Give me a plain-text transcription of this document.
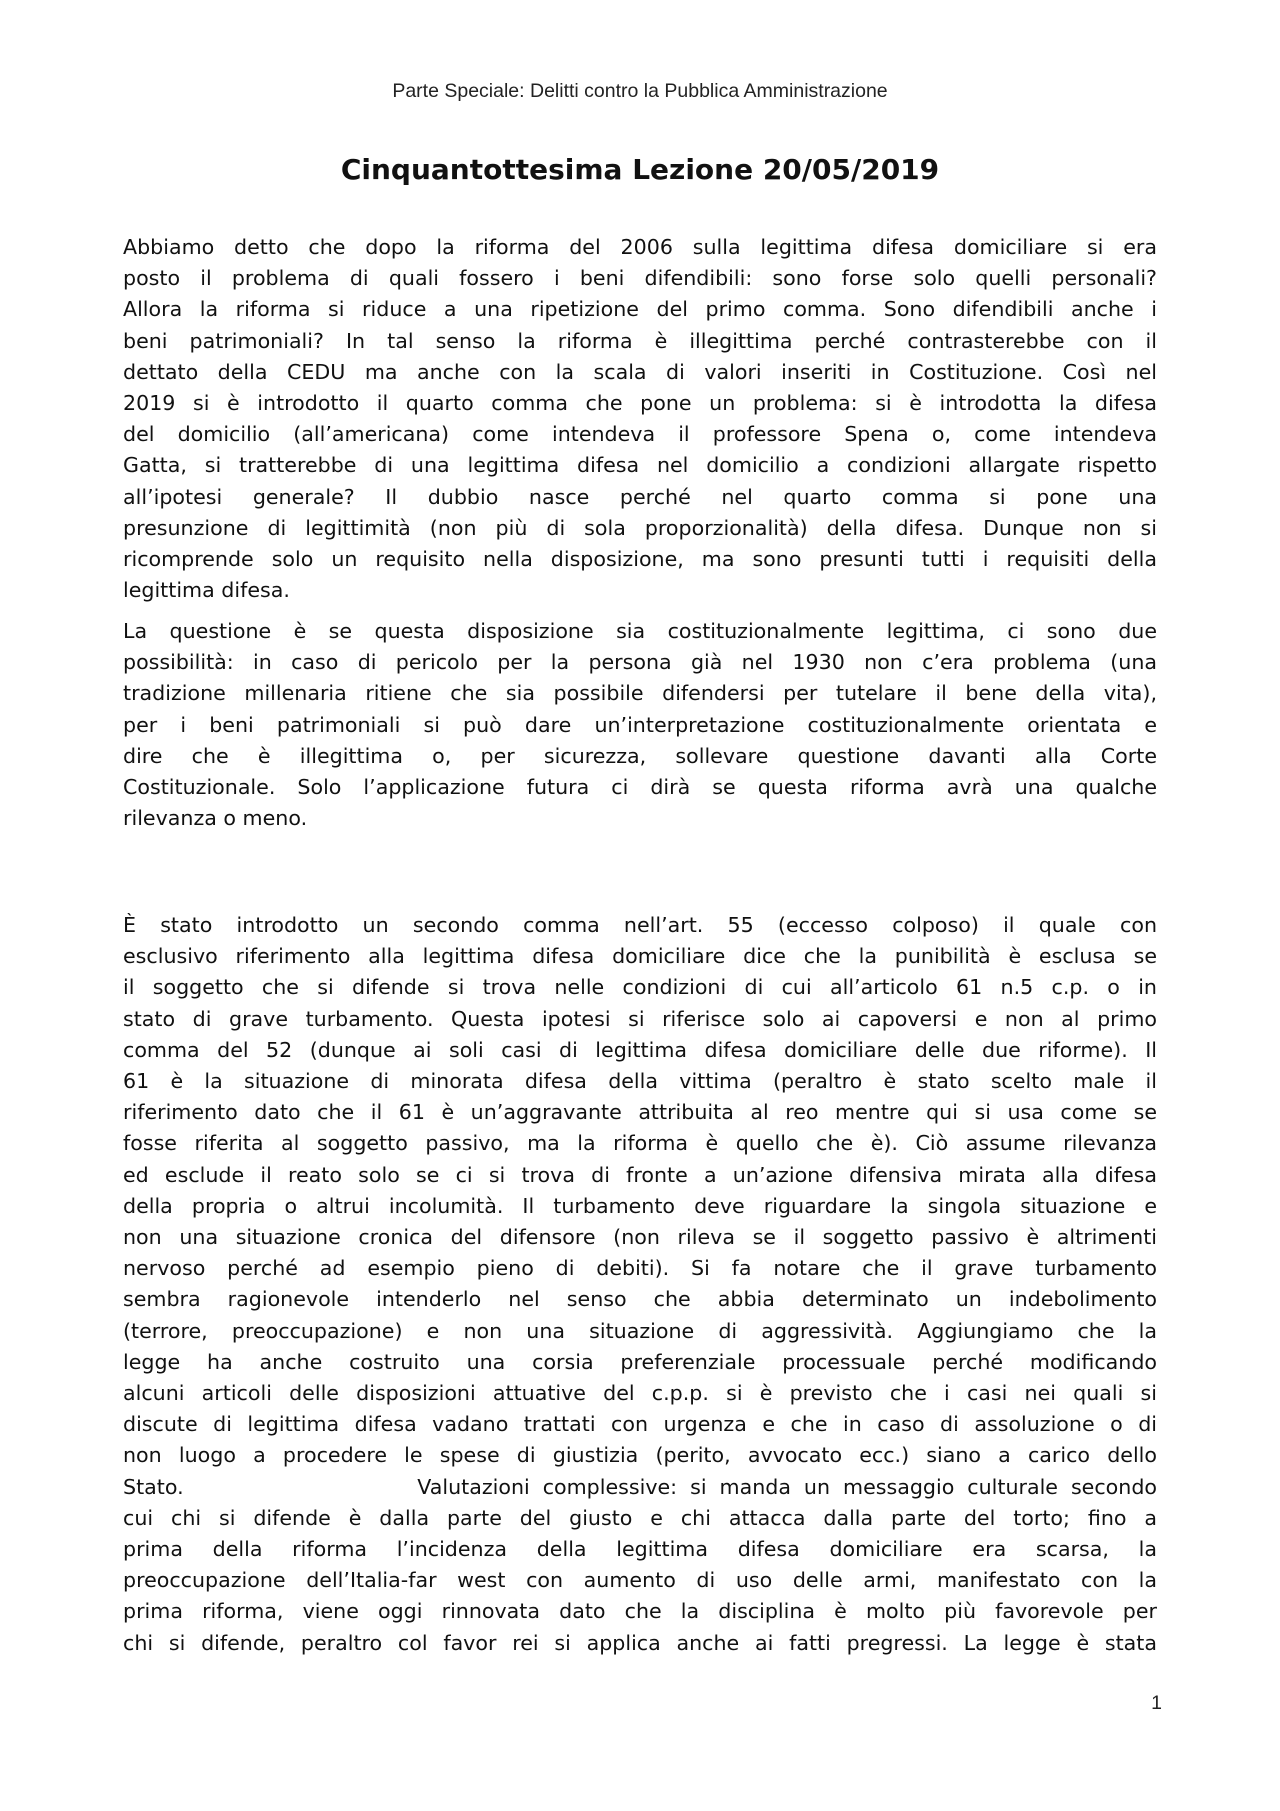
Parte Speciale: Delitti contro la Pubblica Amministrazione
Cinquantottesima Lezione 20/05/2019
Abbiamo detto che dopo la riforma del 2006 sulla legittima difesa domiciliare si era
posto il problema di quali fossero i beni difendibili: sono forse solo quelli personali?
Allora la riforma si riduce a una ripetizione del primo comma. Sono difendibili anche i
beni patrimoniali? In tal senso la riforma è illegittima perché contrasterebbe con il
dettato della CEDU ma anche con la scala di valori inseriti in Costituzione. Così nel
2019 si è introdotto il quarto comma che pone un problema: si è introdotta la difesa
del domicilio (all’americana) come intendeva il professore Spena o, come intendeva
Gatta, si tratterebbe di una legittima difesa nel domicilio a condizioni allargate rispetto
all’ipotesi generale? Il dubbio nasce perché nel quarto comma si pone una
presunzione di legittimità (non più di sola proporzionalità) della difesa. Dunque non si
ricomprende solo un requisito nella disposizione, ma sono presunti tutti i requisiti della
legittima difesa.
La questione è se questa disposizione sia costituzionalmente legittima, ci sono due
possibilità: in caso di pericolo per la persona già nel 1930 non c’era problema (una
tradizione millenaria ritiene che sia possibile difendersi per tutelare il bene della vita),
per i beni patrimoniali si può dare un’interpretazione costituzionalmente orientata e
dire che è illegittima o, per sicurezza, sollevare questione davanti alla Corte
Costituzionale. Solo l’applicazione futura ci dirà se questa riforma avrà una qualche
rilevanza o meno.
È stato introdotto un secondo comma nell’art. 55 (eccesso colposo) il quale con
esclusivo riferimento alla legittima difesa domiciliare dice che la punibilità è esclusa se
il soggetto che si difende si trova nelle condizioni di cui all’articolo 61 n.5 c.p. o in
stato di grave turbamento. Questa ipotesi si riferisce solo ai capoversi e non al primo
comma del 52 (dunque ai soli casi di legittima difesa domiciliare delle due riforme). Il
61 è la situazione di minorata difesa della vittima (peraltro è stato scelto male il
riferimento dato che il 61 è un’aggravante attribuita al reo mentre qui si usa come se
fosse riferita al soggetto passivo, ma la riforma è quello che è). Ciò assume rilevanza
ed esclude il reato solo se ci si trova di fronte a un’azione difensiva mirata alla difesa
della propria o altrui incolumità. Il turbamento deve riguardare la singola situazione e
non una situazione cronica del difensore (non rileva se il soggetto passivo è altrimenti
nervoso perché ad esempio pieno di debiti). Si fa notare che il grave turbamento
sembra ragionevole intenderlo nel senso che abbia determinato un indebolimento
(terrore, preoccupazione) e non una situazione di aggressività. Aggiungiamo che la
legge ha anche costruito una corsia preferenziale processuale perché modificando
alcuni articoli delle disposizioni attuative del c.p.p. si è previsto che i casi nei quali si
discute di legittima difesa vadano trattati con urgenza e che in caso di assoluzione o di
non luogo a procedere le spese di giustizia (perito, avvocato ecc.) siano a carico dello
Stato.                  Valutazioni complessive: si manda un messaggio culturale secondo
cui chi si difende è dalla parte del giusto e chi attacca dalla parte del torto; fino a
prima della riforma l’incidenza della legittima difesa domiciliare era scarsa, la
preoccupazione dell’Italia-far west con aumento di uso delle armi, manifestato con la
prima riforma, viene oggi rinnovata dato che la disciplina è molto più favorevole per
chi si difende, peraltro col favor rei si applica anche ai fatti pregressi. La legge è stata
1
